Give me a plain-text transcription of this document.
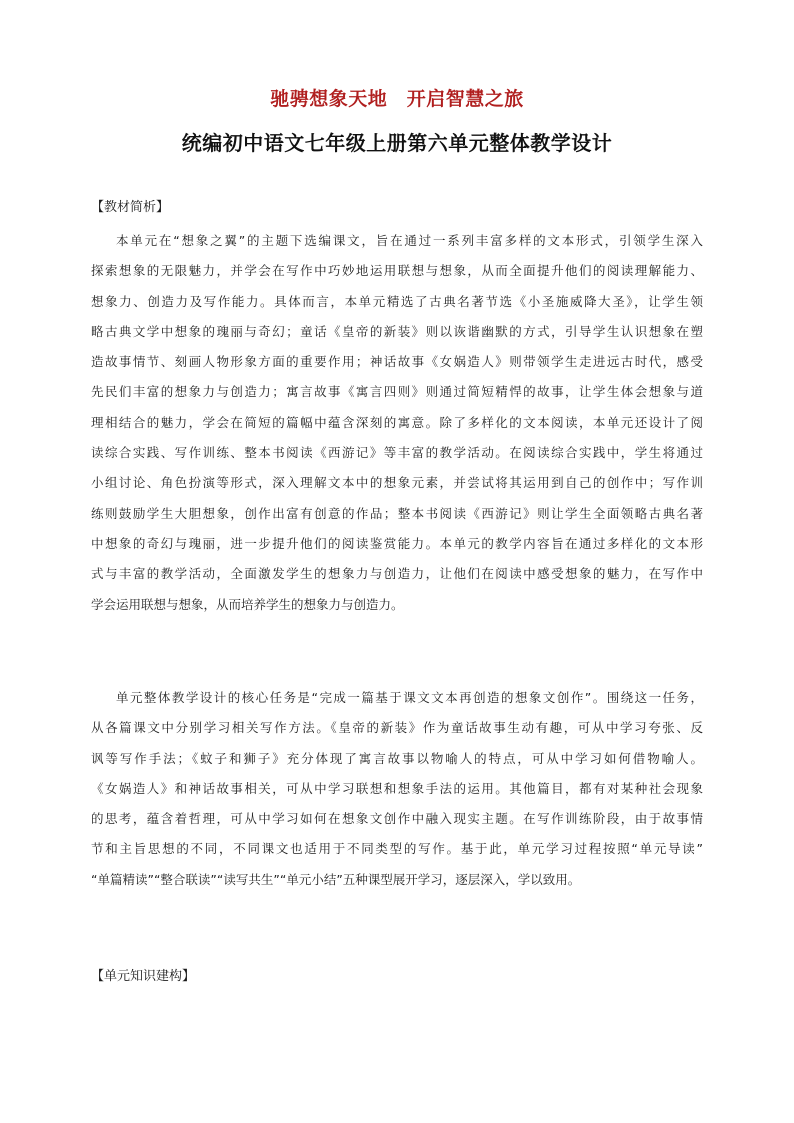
驰骋想象天地　开启智慧之旅
统编初中语文七年级上册第六单元整体教学设计
【教材简析】
本单元在“想象之翼”的主题下选编课文，旨在通过一系列丰富多样的文本形式，引领学生深入
探索想象的无限魅力，并学会在写作中巧妙地运用联想与想象，从而全面提升他们的阅读理解能力、
想象力、创造力及写作能力。具体而言，本单元精选了古典名著节选《小圣施威降大圣》，让学生领
略古典文学中想象的瑰丽与奇幻；童话《皇帝的新装》则以诙谐幽默的方式，引导学生认识想象在塑
造故事情节、刻画人物形象方面的重要作用；神话故事《女娲造人》则带领学生走进远古时代，感受
先民们丰富的想象力与创造力；寓言故事《寓言四则》则通过简短精悍的故事，让学生体会想象与道
理相结合的魅力，学会在简短的篇幅中蕴含深刻的寓意。除了多样化的文本阅读，本单元还设计了阅
读综合实践、写作训练、整本书阅读《西游记》等丰富的教学活动。在阅读综合实践中，学生将通过
小组讨论、角色扮演等形式，深入理解文本中的想象元素，并尝试将其运用到自己的创作中；写作训
练则鼓励学生大胆想象，创作出富有创意的作品；整本书阅读《西游记》则让学生全面领略古典名著
中想象的奇幻与瑰丽，进一步提升他们的阅读鉴赏能力。本单元的教学内容旨在通过多样化的文本形
式与丰富的教学活动，全面激发学生的想象力与创造力，让他们在阅读中感受想象的魅力，在写作中
学会运用联想与想象，从而培养学生的想象力与创造力。
单元整体教学设计的核心任务是“完成一篇基于课文文本再创造的想象文创作”。围绕这一任务，
从各篇课文中分别学习相关写作方法。《皇帝的新装》作为童话故事生动有趣，可从中学习夸张、反
讽等写作手法；《蚊子和狮子》充分体现了寓言故事以物喻人的特点，可从中学习如何借物喻人。
《女娲造人》和神话故事相关，可从中学习联想和想象手法的运用。其他篇目，都有对某种社会现象
的思考，蕴含着哲理，可从中学习如何在想象文创作中融入现实主题。在写作训练阶段，由于故事情
节和主旨思想的不同，不同课文也适用于不同类型的写作。基于此，单元学习过程按照“单元导读”
“单篇精读”“整合联读”“读写共生”“单元小结”五种课型展开学习，逐层深入，学以致用。
【单元知识建构】
